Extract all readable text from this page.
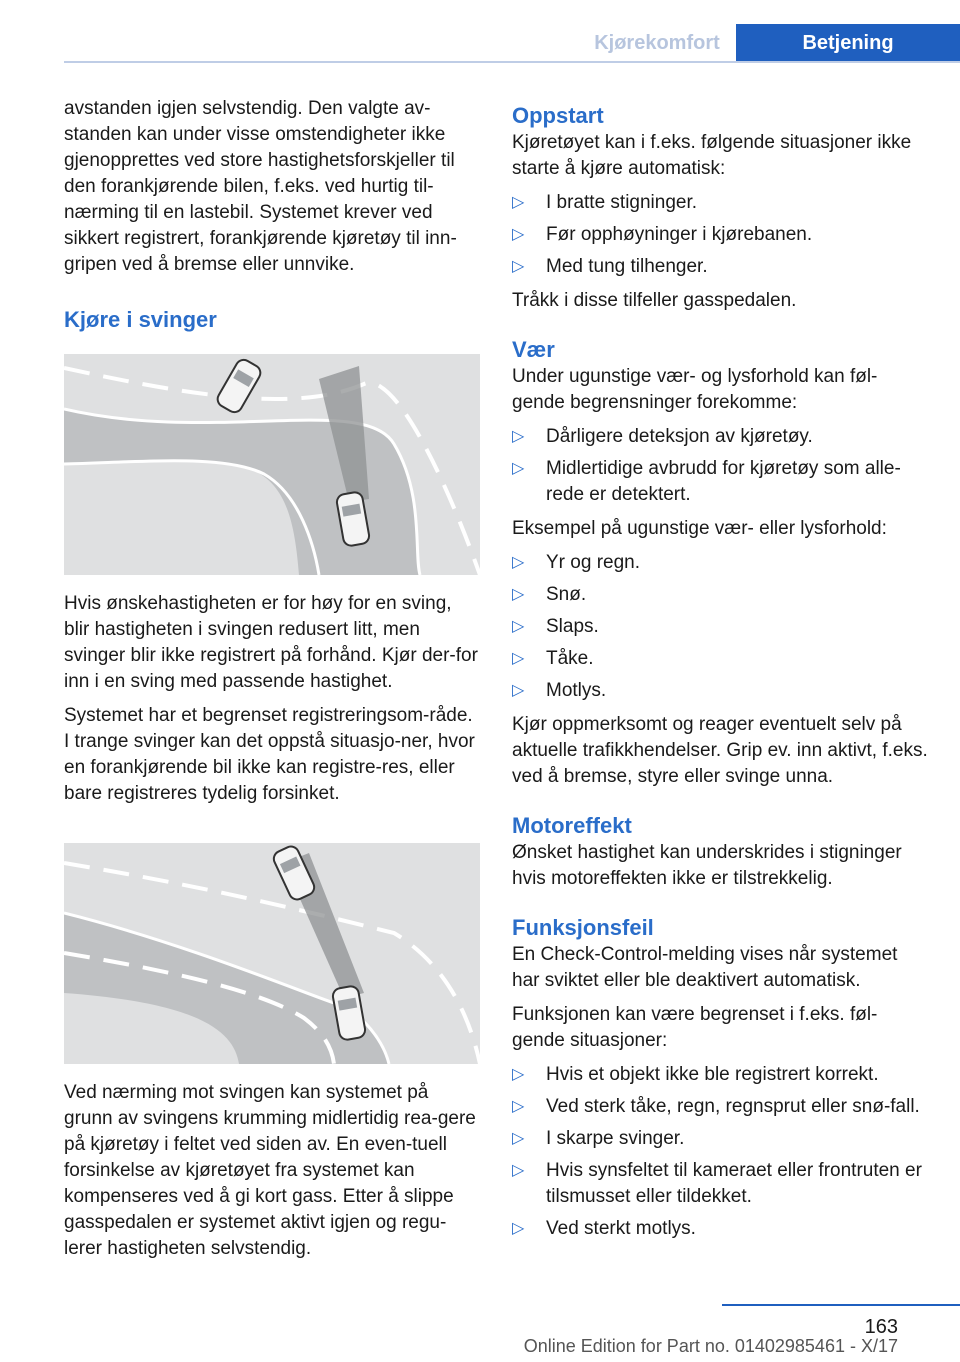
Kjørekomfort	Betjening

avstanden igjen selvstendig. Den valgte av-standen kan under visse omstendigheter ikke gjenopprettes ved store hastighetsforskjeller til den forankjørende bilen, f.eks. ved hurtig til-nærming til en lastebil. Systemet krever ved sikkert registrert, forankjørende kjøretøy til inn-gripen ved å bremse eller unnvike.

Kjøre i svinger

Hvis ønskehastigheten er for høy for en sving, blir hastigheten i svingen redusert litt, men svinger blir ikke registrert på forhånd. Kjør der-for inn i en sving med passende hastighet.

Systemet har et begrenset registreringsom-råde. I trange svinger kan det oppstå situasjo-ner, hvor en forankjørende bil ikke kan registre-res, eller bare registreres tydelig forsinket.

Ved nærming mot svingen kan systemet på grunn av svingens krumming midlertidig rea-gere på kjøretøy i feltet ved siden av. En even-tuell forsinkelse av kjøretøyet fra systemet kan kompenseres ved å gi kort gass. Etter å slippe gasspedalen er systemet aktivt igjen og regu-lerer hastigheten selvstendig.

Oppstart

Kjøretøyet kan i f.eks. følgende situasjoner ikke starte å kjøre automatisk:

▷ I bratte stigninger.
▷ Før opphøyninger i kjørebanen.
▷ Med tung tilhenger.

Tråkk i disse tilfeller gasspedalen.

Vær

Under ugunstige vær- og lysforhold kan føl-gende begrensninger forekomme:

▷ Dårligere deteksjon av kjøretøy.
▷ Midlertidige avbrudd for kjøretøy som alle-rede er detektert.

Eksempel på ugunstige vær- eller lysforhold:

▷ Yr og regn.
▷ Snø.
▷ Slaps.
▷ Tåke.
▷ Motlys.

Kjør oppmerksomt og reager eventuelt selv på aktuelle trafikkhendelser. Grip ev. inn aktivt, f.eks. ved å bremse, styre eller svinge unna.

Motoreffekt

Ønsket hastighet kan underskrides i stigninger hvis motoreffekten ikke er tilstrekkelig.

Funksjonsfeil

En Check-Control-melding vises når systemet har sviktet eller ble deaktivert automatisk.

Funksjonen kan være begrenset i f.eks. føl-gende situasjoner:

▷ Hvis et objekt ikke ble registrert korrekt.
▷ Ved sterk tåke, regn, regnsprut eller snø-fall.
▷ I skarpe svinger.
▷ Hvis synsfeltet til kameraet eller frontruten er tilsmusset eller tildekket.
▷ Ved sterkt motlys.
163
Online Edition for Part no. 01402985461 - X/17
